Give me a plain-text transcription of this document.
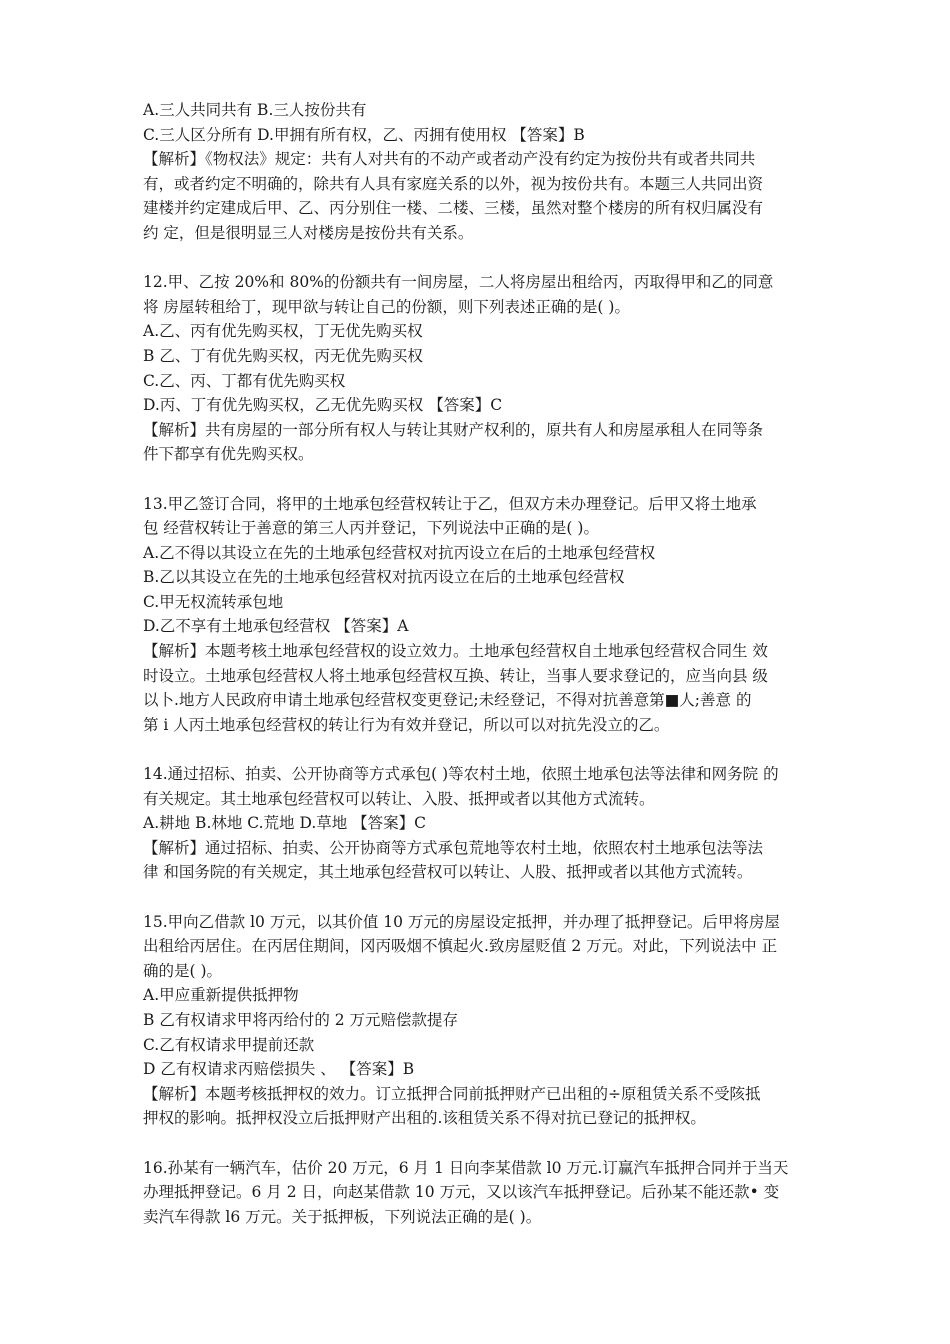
A.三人共同共有 B.三人按份共有
C.三人区分所有 D.甲拥有所有权，乙、丙拥有使用权 【答案】B
【解析】《物权法》规定：共有人对共有的不动产或者动产没有约定为按份共有或者共同共
有，或者约定不明确的，除共有人具有家庭关系的以外，视为按份共有。本题三人共同出资
建楼并约定建成后甲、乙、丙分别住一楼、二楼、三楼，虽然对整个楼房的所有权归属没有
约 定，但是很明显三人对楼房是按份共有关系。
12.甲、乙按 20%和 80%的份额共有一间房屋，二人将房屋出租给丙，丙取得甲和乙的同意
将 房屋转租给丁，现甲欲与转让自己的份额，则下列表述正确的是( )。
A.乙、丙有优先购买权，丁无优先购买权
B 乙、丁有优先购买权，丙无优先购买权
C.乙、丙、丁都有优先购买权
D.丙、丁有优先购买权，乙无优先购买权 【答案】C
【解析】共有房屋的一部分所有权人与转让其财产权利的，原共有人和房屋承租人在同等条
件下都享有优先购买权。
13.甲乙签订合同，将甲的土地承包经营权转让于乙，但双方未办理登记。后甲又将土地承
包 经营权转让于善意的第三人丙并登记，下列说法中正确的是( )。
A.乙不得以其设立在先的土地承包经营权对抗丙设立在后的土地承包经营权
B.乙以其设立在先的土地承包经营权对抗丙设立在后的土地承包经营权
C.甲无权流转承包地
D.乙不享有土地承包经营权 【答案】A
【解析】本题考核土地承包经营权的设立效力。土地承包经营权自土地承包经营权合同生 效
时设立。土地承包经营权人将土地承包经营权互换、转让，当事人要求登记的，应当向县 级
以卜.地方人民政府申请土地承包经营权变更登记;未经登记，不得对抗善意第■人;善意 的
第 i 人丙土地承包经营权的转让行为有效并登记，所以可以对抗先没立的乙。
14.通过招标、拍卖、公开协商等方式承包( )等农村土地，依照土地承包法等法律和网务院 的
有关规定。其土地承包经营权可以转让、入股、抵押或者以其他方式流转。
A.耕地 B.林地 C.荒地 D.草地 【答案】C
【解析】通过招标、拍卖、公开协商等方式承包荒地等农村土地，依照农村土地承包法等法
律 和国务院的有关规定，其土地承包经营权可以转让、人股、抵押或者以其他方式流转。
15.甲向乙借款 l0 万元，以其价值 10 万元的房屋设定抵押，并办理了抵押登记。后甲将房屋
出租给丙居住。在丙居住期间，冈丙吸烟不慎起火.致房屋贬值 2 万元。对此，下列说法中 正
确的是( )。
A.甲应重新提供抵押物
B 乙有权请求甲将丙给付的 2 万元赔偿款提存
C.乙有权请求甲提前还款
D 乙有权请求丙赔偿损失 、 【答案】B
【解析】本题考核抵押权的效力。订立抵押合同前抵押财产已出租的÷原租赁关系不受陔抵
押权的影响。抵押权没立后抵押财产出租的.该租赁关系不得对抗已登记的抵押权。
16.孙某有一辆汽车，估价 20 万元，6 月 1 日向李某借款 l0 万元.订赢汽车抵押合同并于当天
办理抵押登记。6 月 2 日，向赵某借款 10 万元，又以该汽车抵押登记。后孙某不能还款• 变
卖汽车得款 l6 万元。关于抵押板，下列说法正确的是( )。
